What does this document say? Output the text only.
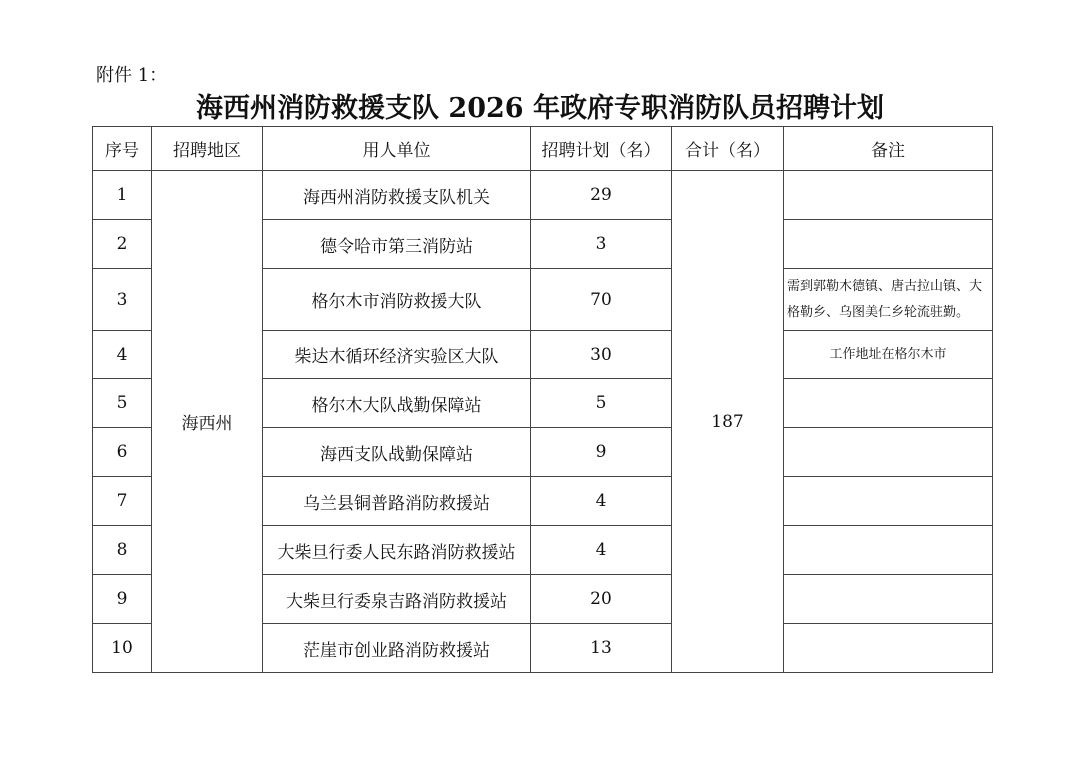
附件 1：
海西州消防救援支队 2026 年政府专职消防队员招聘计划
序号	招聘地区	用人单位	招聘计划（名）	合计（名）	备注
1	海西州	海西州消防救援支队机关	29	187	
2		德令哈市第三消防站	3		
3		格尔木市消防救援大队	70		需到郭勒木德镇、唐古拉山镇、大格勒乡、乌图美仁乡轮流驻勤。
4		柴达木循环经济实验区大队	30		工作地址在格尔木市
5		格尔木大队战勤保障站	5		
6		海西支队战勤保障站	9		
7		乌兰县铜普路消防救援站	4		
8		大柴旦行委人民东路消防救援站	4		
9		大柴旦行委泉吉路消防救援站	20		
10		茫崖市创业路消防救援站	13		
